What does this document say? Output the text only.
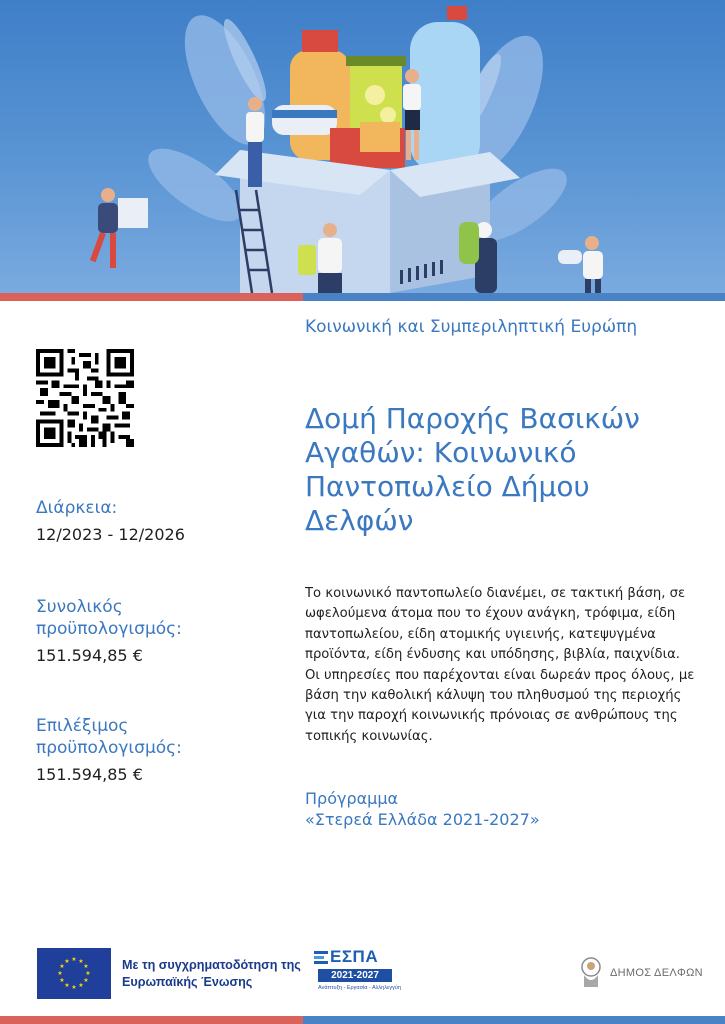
Διάρκεια:
12/2023 - 12/2026
Συνολικός προϋπολογισμός:
151.594,85 €
Επιλέξιμος προϋπολογισμός:
151.594,85 €
Κοινωνική και Συμπεριληπτική Ευρώπη
Δομή Παροχής Βασικών Αγαθών: Κοινωνικό Παντοπωλείο Δήμου Δελφών
Το κοινωνικό παντοπωλείο διανέμει, σε τακτική βάση, σε ωφελούμενα άτομα που το έχουν ανάγκη, τρόφιμα, είδη παντοπωλείου, είδη ατομικής υγιεινής, κατεψυγμένα προϊόντα, είδη ένδυσης και υπόδησης, βιβλία, παιχνίδια. Οι υπηρεσίες που παρέχονται είναι δωρεάν προς όλους, με βάση την καθολική κάλυψη του πληθυσμού της περιοχής για την παροχή κοινωνικής πρόνοιας σε ανθρώπους της τοπικής κοινωνίας.
Πρόγραμμα
«Στερεά Ελλάδα 2021-2027»
★ ★
★
★
★
★
★
★
★
★
★
★	Με τη συγχρηματοδότηση της Ευρωπαϊκής Ένωσης
ΕΣΠΑ
2021-2027
Ανάπτυξη - Εργασία - Αλληλεγγύη
ΔΗΜΟΣ ΔΕΛΦΩΝ
